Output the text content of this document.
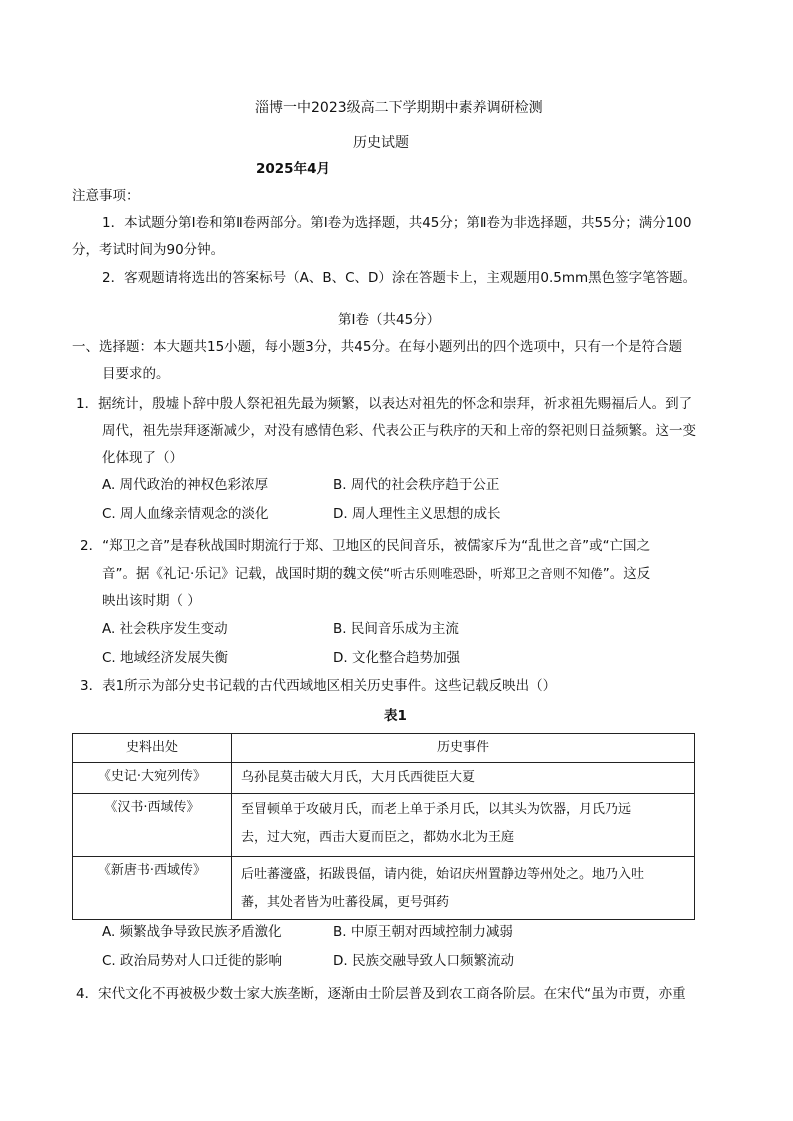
淄博一中2023级高二下学期期中素养调研检测
历史试题
2025年4月
注意事项：
1．本试题分第Ⅰ卷和第Ⅱ卷两部分。第Ⅰ卷为选择题，共45分；第Ⅱ卷为非选择题，共55分；满分100
分，考试时间为90分钟。
2．客观题请将选出的答案标号（A、B、C、D）涂在答题卡上，主观题用0.5mm黑色签字笔答题。
第Ⅰ卷（共45分）
一、选择题：本大题共15小题，每小题3分，共45分。在每小题列出的四个选项中，只有一个是符合题
目要求的。
1．据统计，殷墟卜辞中殷人祭祀祖先最为频繁，以表达对祖先的怀念和崇拜，祈求祖先赐福后人。到了
周代，祖先崇拜逐渐减少，对没有感情色彩、代表公正与秩序的天和上帝的祭祀则日益频繁。这一变
化体现了（）
A. 周代政治的神权色彩浓厚	B. 周代的社会秩序趋于公正
C. 周人血缘亲情观念的淡化	D. 周人理性主义思想的成长
2．“郑卫之音”是春秋战国时期流行于郑、卫地区的民间音乐，被儒家斥为“乱世之音”或“亡国之
音”。据《礼记·乐记》记载，战国时期的魏文侯“听古乐则唯恐卧，听郑卫之音则不知倦”。这反
映出该时期（ ）
A. 社会秩序发生变动	B. 民间音乐成为主流
C. 地域经济发展失衡	D. 文化整合趋势加强
3．表1所示为部分史书记载的古代西域地区相关历史事件。这些记载反映出（）
表1
史料出处	历史事件

《史记·大宛列传》	乌孙昆莫击破大月氏，大月氏西徙臣大夏

《汉书·西域传》	至冒顿单于攻破月氏，而老上单于杀月氏，以其头为饮器，月氏乃远
去，过大宛，西击大夏而臣之，都妫水北为王庭

《新唐书·西域传》	后吐蕃濅盛，拓跋畏偪，请内徙，始诏庆州置静边等州处之。地乃入吐
蕃，其处者皆为吐蕃役属，更号弭药
A. 频繁战争导致民族矛盾激化	B. 中原王朝对西域控制力减弱
C. 政治局势对人口迁徙的影响	D. 民族交融导致人口频繁流动
4．宋代文化不再被极少数士家大族垄断，逐渐由士阶层普及到农工商各阶层。在宋代“虽为市贾，亦重
